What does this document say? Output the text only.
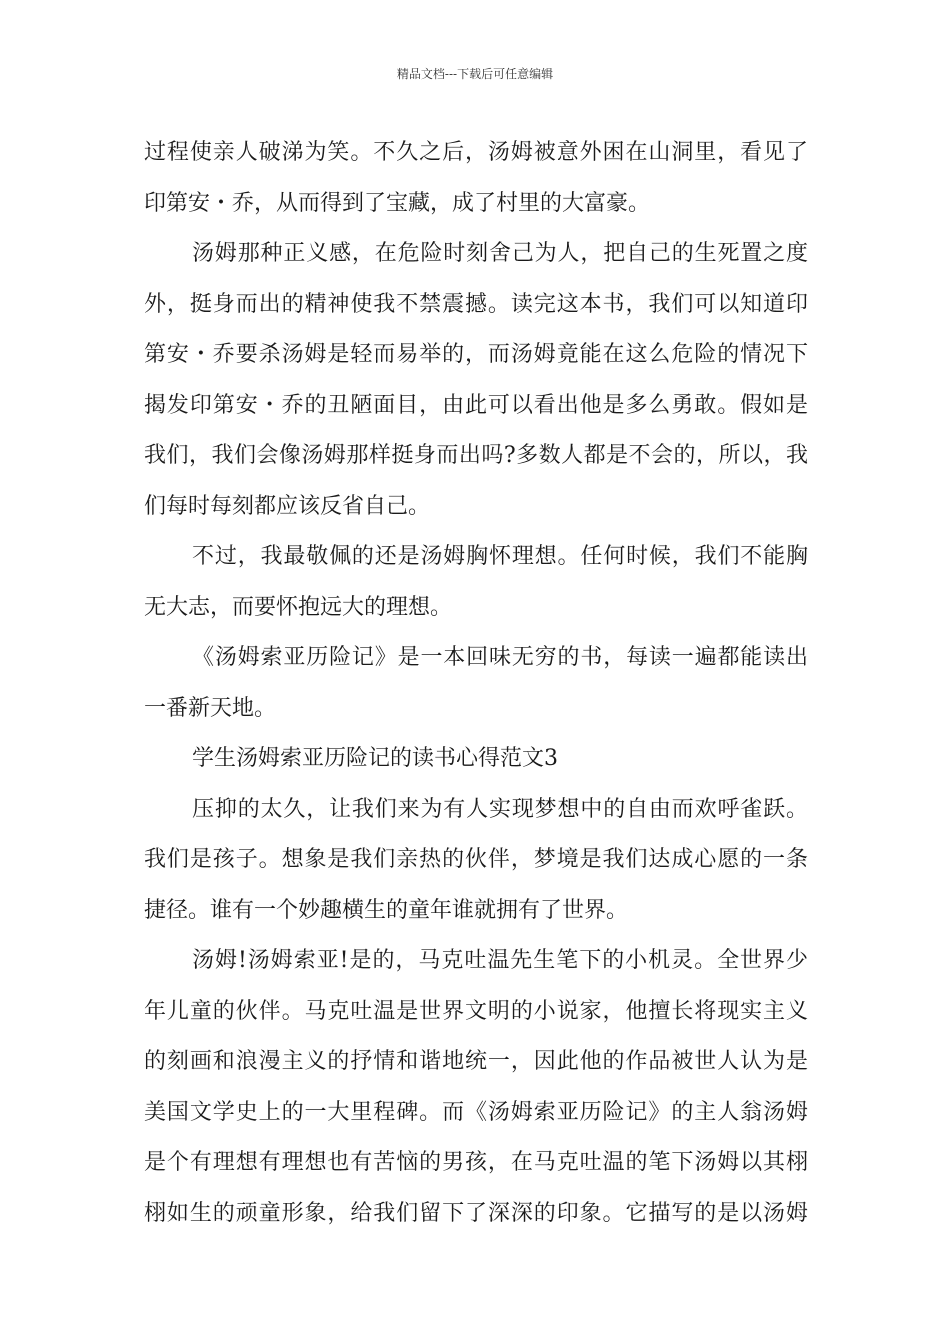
精品文档---下载后可任意编辑
过程使亲人破涕为笑。不久之后，汤姆被意外困在山洞里，看见了
印第安・乔，从而得到了宝藏，成了村里的大富豪。
汤姆那种正义感，在危险时刻舍己为人，把自己的生死置之度
外，挺身而出的精神使我不禁震撼。读完这本书，我们可以知道印
第安・乔要杀汤姆是轻而易举的，而汤姆竟能在这么危险的情况下
揭发印第安・乔的丑陋面目，由此可以看出他是多么勇敢。假如是
我们，我们会像汤姆那样挺身而出吗?多数人都是不会的，所以，我
们每时每刻都应该反省自己。
不过，我最敬佩的还是汤姆胸怀理想。任何时候，我们不能胸
无大志，而要怀抱远大的理想。
《汤姆索亚历险记》是一本回味无穷的书，每读一遍都能读出
一番新天地。
学生汤姆索亚历险记的读书心得范文3
压抑的太久，让我们来为有人实现梦想中的自由而欢呼雀跃。
我们是孩子。想象是我们亲热的伙伴，梦境是我们达成心愿的一条
捷径。谁有一个妙趣横生的童年谁就拥有了世界。
汤姆!汤姆索亚!是的，马克吐温先生笔下的小机灵。全世界少
年儿童的伙伴。马克吐温是世界文明的小说家，他擅长将现实主义
的刻画和浪漫主义的抒情和谐地统一，因此他的作品被世人认为是
美国文学史上的一大里程碑。而《汤姆索亚历险记》的主人翁汤姆
是个有理想有理想也有苦恼的男孩，在马克吐温的笔下汤姆以其栩
栩如生的顽童形象，给我们留下了深深的印象。它描写的是以汤姆
